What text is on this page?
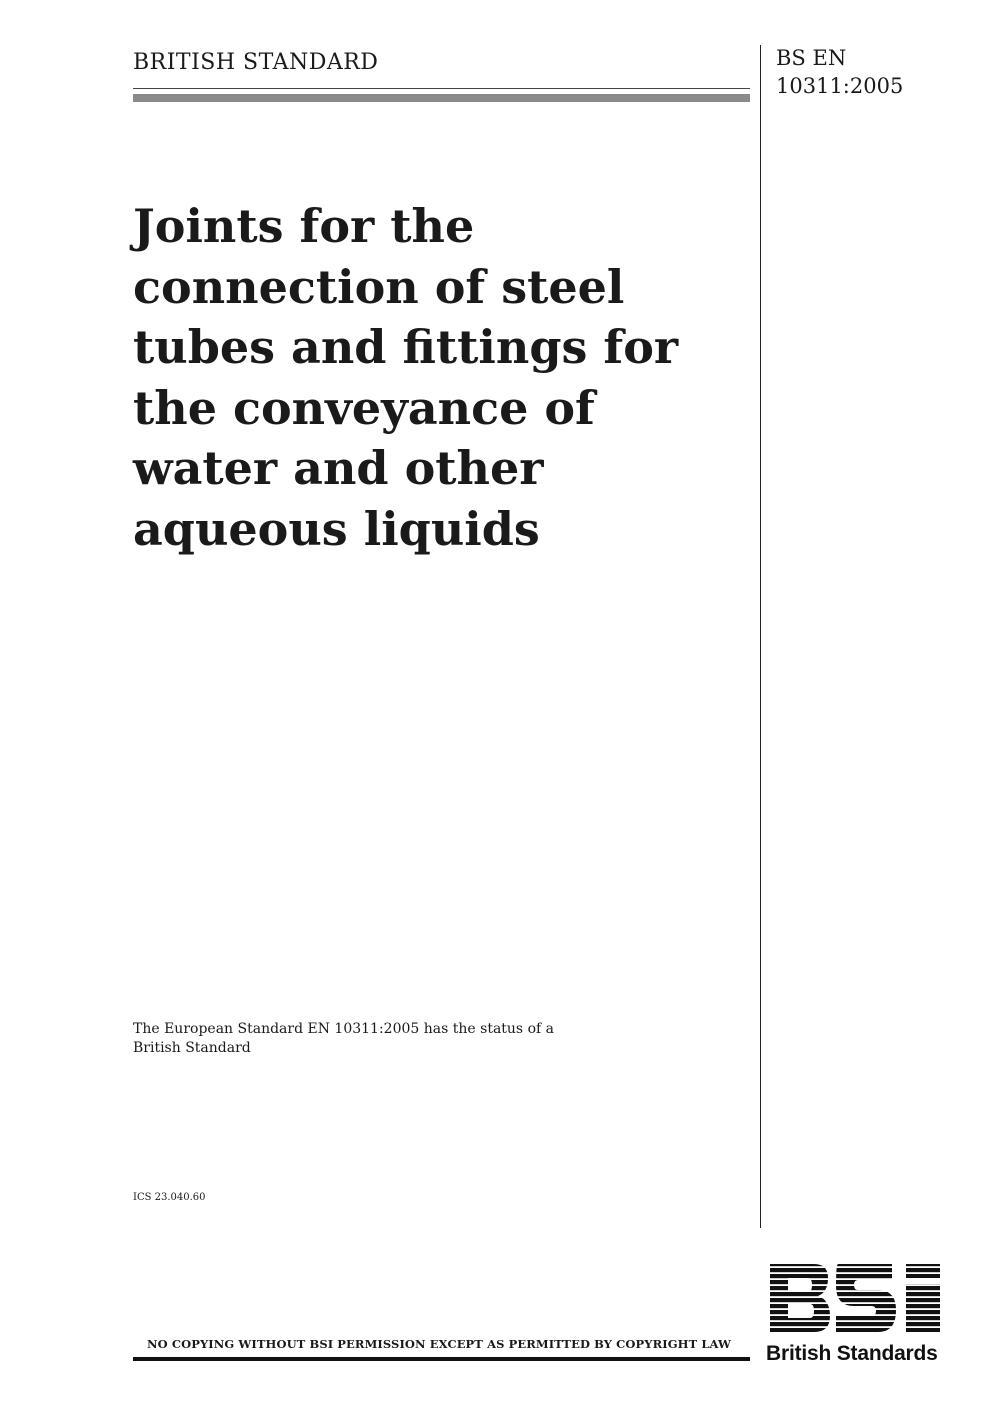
BRITISH STANDARD	BS EN
10311:2005
Joints for the
connection of steel
tubes and fittings for
the conveyance of
water and other
aqueous liquids
The European Standard EN 10311:2005 has the status of a
British Standard
ICS 23.040.60
NO COPYING WITHOUT BSI PERMISSION EXCEPT AS PERMITTED BY COPYRIGHT LAW British Standards
